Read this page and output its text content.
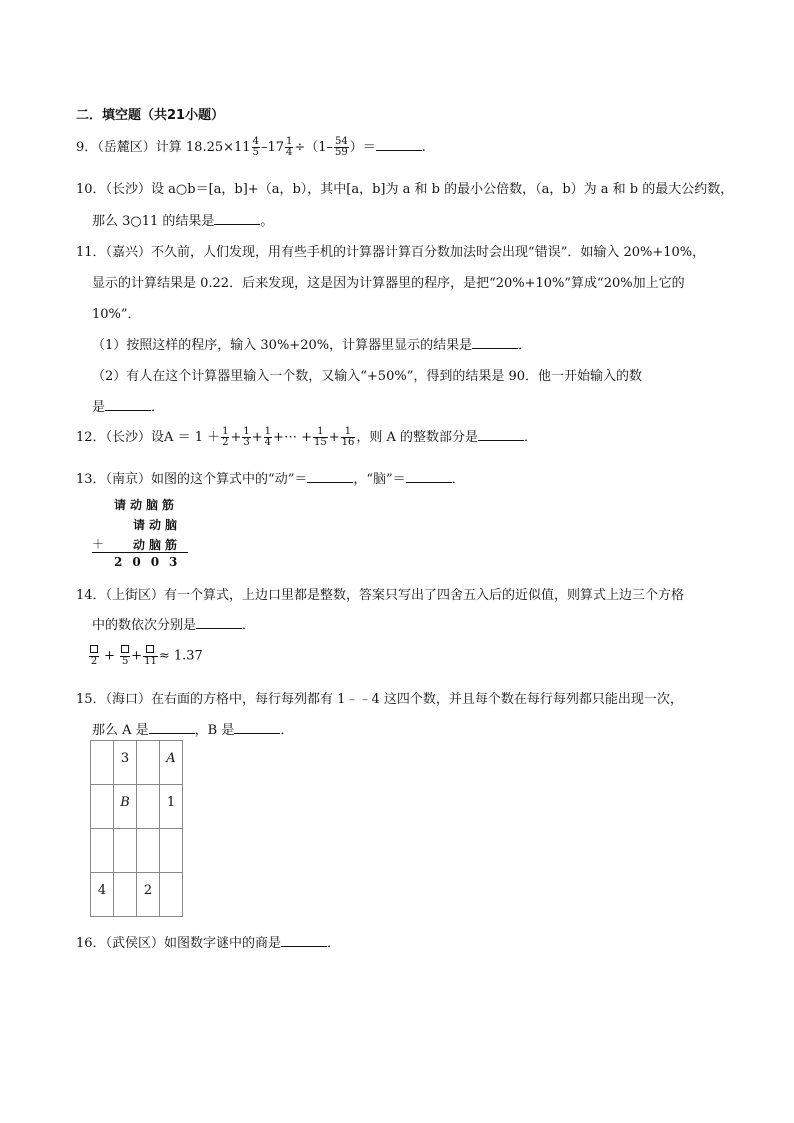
二．填空题（共21小题）
9．（岳麓区）计算 $18.25\times 11 \frac{4}{5} -17 \frac{1}{4} \div(1- \frac{54}{59}$ ）＝	.
10．（长沙）设 a○b＝[a，b]+（a，b），其中[a，b]为 a 和 b 的最小公倍数，（a，b）为 a 和 b 的最大公约数，
那么 3○11 的结果是	。
11．（嘉兴）不久前，人们发现，用有些手机的计算器计算百分数加法时会出现“错误”．如输入 20%+10%，
显示的计算结果是 0.22．后来发现，这是因为计算器里的程序，是把“20%+10%”算成“20%加上它的
10%”．
（1）按照这样的程序，输入 30%+20%，计算器里显示的结果是	．
（2）有人在这个计算器里输入一个数，又输入“+50%”，得到的结果是 90．他一开始输入的数
是	．
12．（长沙）设$A = 1 + \frac{1}{2} + \frac{1}{3} + \frac{1}{4}$ +⋯ + $\frac{1}{15} + \frac{1}{16}$ ，则 A 的整数部分是	．
13．（南京）如图的这个算式中的“动”＝	，“脑”＝	．
请动脑筋
请动脑
＋ 动脑筋
2003
14．（上街区）有一个算式，上边口里都是整数，答案只写出了四舍五入后的近似值，则算式上边三个方格
中的数依次分别是	．
2 + 5 + 11 ≈ 1.37
15．（海口）在右面的方格中，每行每列都有 1﹣﹣4 这四个数，并且每个数在每行每列都只能出现一次，
那么 A 是	，B 是	．
	3		A
	B		1

4		2	
16．（武侯区）如图数字谜中的商是	．
